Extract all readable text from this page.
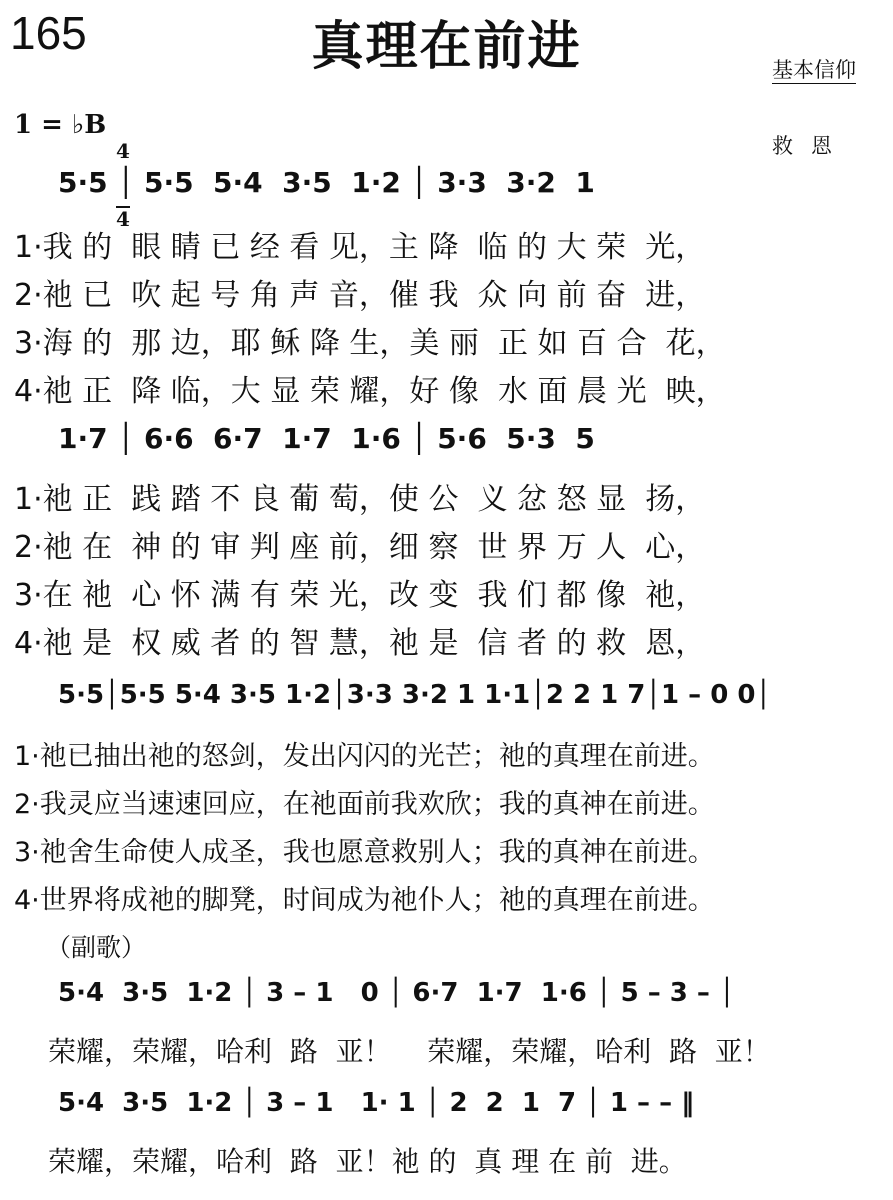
165	真理在前进

	基本信仰

救恩

1 = ♭B

4

4

5·5 │ 5·5  5·4  3·5  1·2 │ 3·3  3·2  1
1·我 的  眼 睛 已 经 看 见，主 降  临 的 大 荣  光，
2·祂 已  吹 起 号 角 声 音，催 我  众 向 前 奋  进，
3·海 的  那 边，耶 稣 降 生，美 丽  正 如 百 合  花，
4·祂 正  降 临，大 显 荣 耀，好 像  水 面 晨 光  映，
1·7 │ 6·6  6·7  1·7  1·6 │ 5·6  5·3  5
1·祂 正  践 踏 不 良 葡 萄，使 公  义 忿 怒 显  扬，
2·祂 在  神 的 审 判 座 前，细 察  世 界 万 人  心，
3·在 祂  心 怀 满 有 荣 光，改 变  我 们 都 像  祂，
4·祂 是  权 威 者 的 智 慧，祂 是  信 者 的 救  恩，
5·5│5·5 5·4 3·5 1·2│3·3 3·2 1 1·1│2 2 1 7│1 – 0 0│
1·祂已抽出祂的怒剑，发出闪闪的光芒；祂的真理在前进。
2·我灵应当速速回应，在祂面前我欢欣；我的真神在前进。
3·祂舍生命使人成圣，我也愿意救别人；我的真神在前进。
4·世界将成祂的脚凳，时间成为祂仆人；祂的真理在前进。
（副歌）
5·4  3·5  1·2 │ 3 – 1   0 │ 6·7  1·7  1·6 │ 5 – 3 – │
荣耀，荣耀，哈利  路  亚！    荣耀，荣耀，哈利  路  亚！
5·4  3·5  1·2 │ 3 – 1   1· 1 │ 2  2  1  7 │ 1 – – ‖
荣耀，荣耀，哈利  路  亚！祂 的  真 理 在 前  进。
